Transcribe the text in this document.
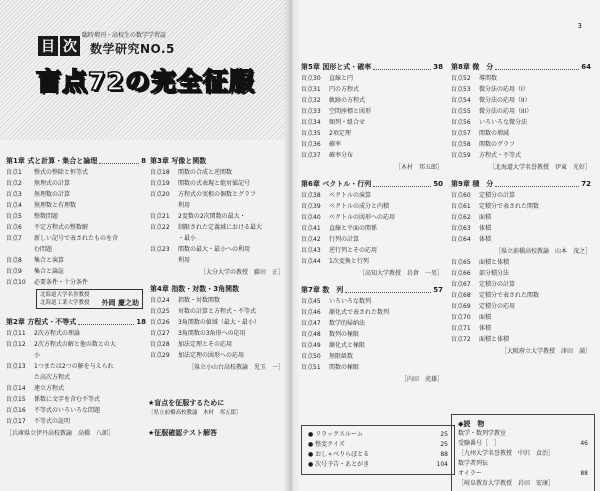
目 次
臨時増刊・高校生の数学学習誌
数学研究NO.5
盲点72の完全征服
第1章
式と計算・集合と論理	8
盲点1	整式の整除と恒等式
盲点2	無理式の計算
盲点3	無理数の計算
盲点4	無理数と有理数
盲点5	整数問題
盲点6	不定方程式の整数解
盲点7	新しい記号で表されたものを含
む問題
盲点8	集合と演算
盲点9	集合と論証
盲点10	必要条件・十分条件
北海道大学名誉教授
北海道工業大学教授 外岡 慶之助
第2章
方程式・不等式	18
盲点11	2次方程式の理論
盲点12	2次方程式の解と他の数との大
小
盲点13	1つまたは2つの解を与えられ
た高次方程式
盲点14	連立方程式
盲点15	係数に文字を含む不等式
盲点16	不等式のいろいろな問題
盲点17	不等式の証明
［兵庫県立伊丹高校教諭　高橋　八郎］
第3章
写像と関数
盲点18	関数の合成と逆関数
盲点19	関数の式表現と絶対値記号
盲点20	方程式の実根の個数とグラフ
利用
盲点21	2変数の2次関数の最大・
盲点22	制限された定義域における最大
・最小
盲点23	関数の最大・最小への利用
利用
［大分大学の教授　藤田　正］
第4章
指数・対数・3角関数
盲点24	指数・対数関数
盲点25	対数の計算と方程式・不等式
盲点26	3角関数の値域（最大・最小）
盲点27	3角関数の3角形への応用
盲点28	加法定理とその応用
盲点29	加法定理の図形への応用
［県立小山台高校教諭　児玉　一］
★盲点を征服するために
［県立前橋高校教諭　木村　邦五郎］
★征服確認テスト解答
3
第5章
図形と式・確率	38
盲点30	直線と円
盲点31	円の方程式
盲点32	軌跡の方程式
盲点33	空間座標と図形
盲点34	順列・組合せ
盲点35	2項定理
盲点36	確率
盲点37	確率分布
［木村　邦五郎］
第6章
ベクトル・行列	50
盲点38	ベクトルの演算
盲点39	ベクトルの成分と内積
盲点40	ベクトルの図形への応用
盲点41	直線と平面の関係
盲点42	行列の計算
盲点43	逆行列とその応用
盲点44	1次変換と行列
［高知大学教授　岩倉　一男］
第7章
数　列	57
盲点45	いろいろな数列
盲点46	漸化式で表された数列
盲点47	数学的帰納法
盲点48	数列の極限
盲点49	漸化式と極限
盲点50	無限級数
盲点51	関数の極限
［内田　虎雄］
第8章
微　分	64
盲点52	導関数
盲点53	微分法の応用（I）
盲点54	微分法の応用（II）
盲点55	微分法の応用（III）
盲点56	いろいろな微分法
盲点57	関数の増減
盲点58	関数のグラフ
盲点59	方程式・不等式
［北海道大学名誉教授　伊東　光好］
第9章
積　分	72
盲点60	定積分の計算
盲点61	定積分で表された関数
盲点62	面積
盲点63	体積
盲点64	体積
［県立前橋高校教諭　山本　茂之］
盲点65	面積と体積
盲点66	部分積分法
盲点67	定積分の計算
盲点68	定積分で表された関数
盲点69	定積分の応用
盲点70	面積
盲点71	体積
盲点72	面積と体積
［大阪府立大学教授　津田　満］
● リラックスルーム	25
● 整変クイズ	25
● おしゃべりらぼとる	88
● 次号予告・あとがき	104
◆読　物
数学・数列学教室
受験番号［　］	46
［九州大学名誉教授　中沢　貞治］
数学者列伝
オイラー	88
［岐阜教育大学教授　岩田　宏康］
